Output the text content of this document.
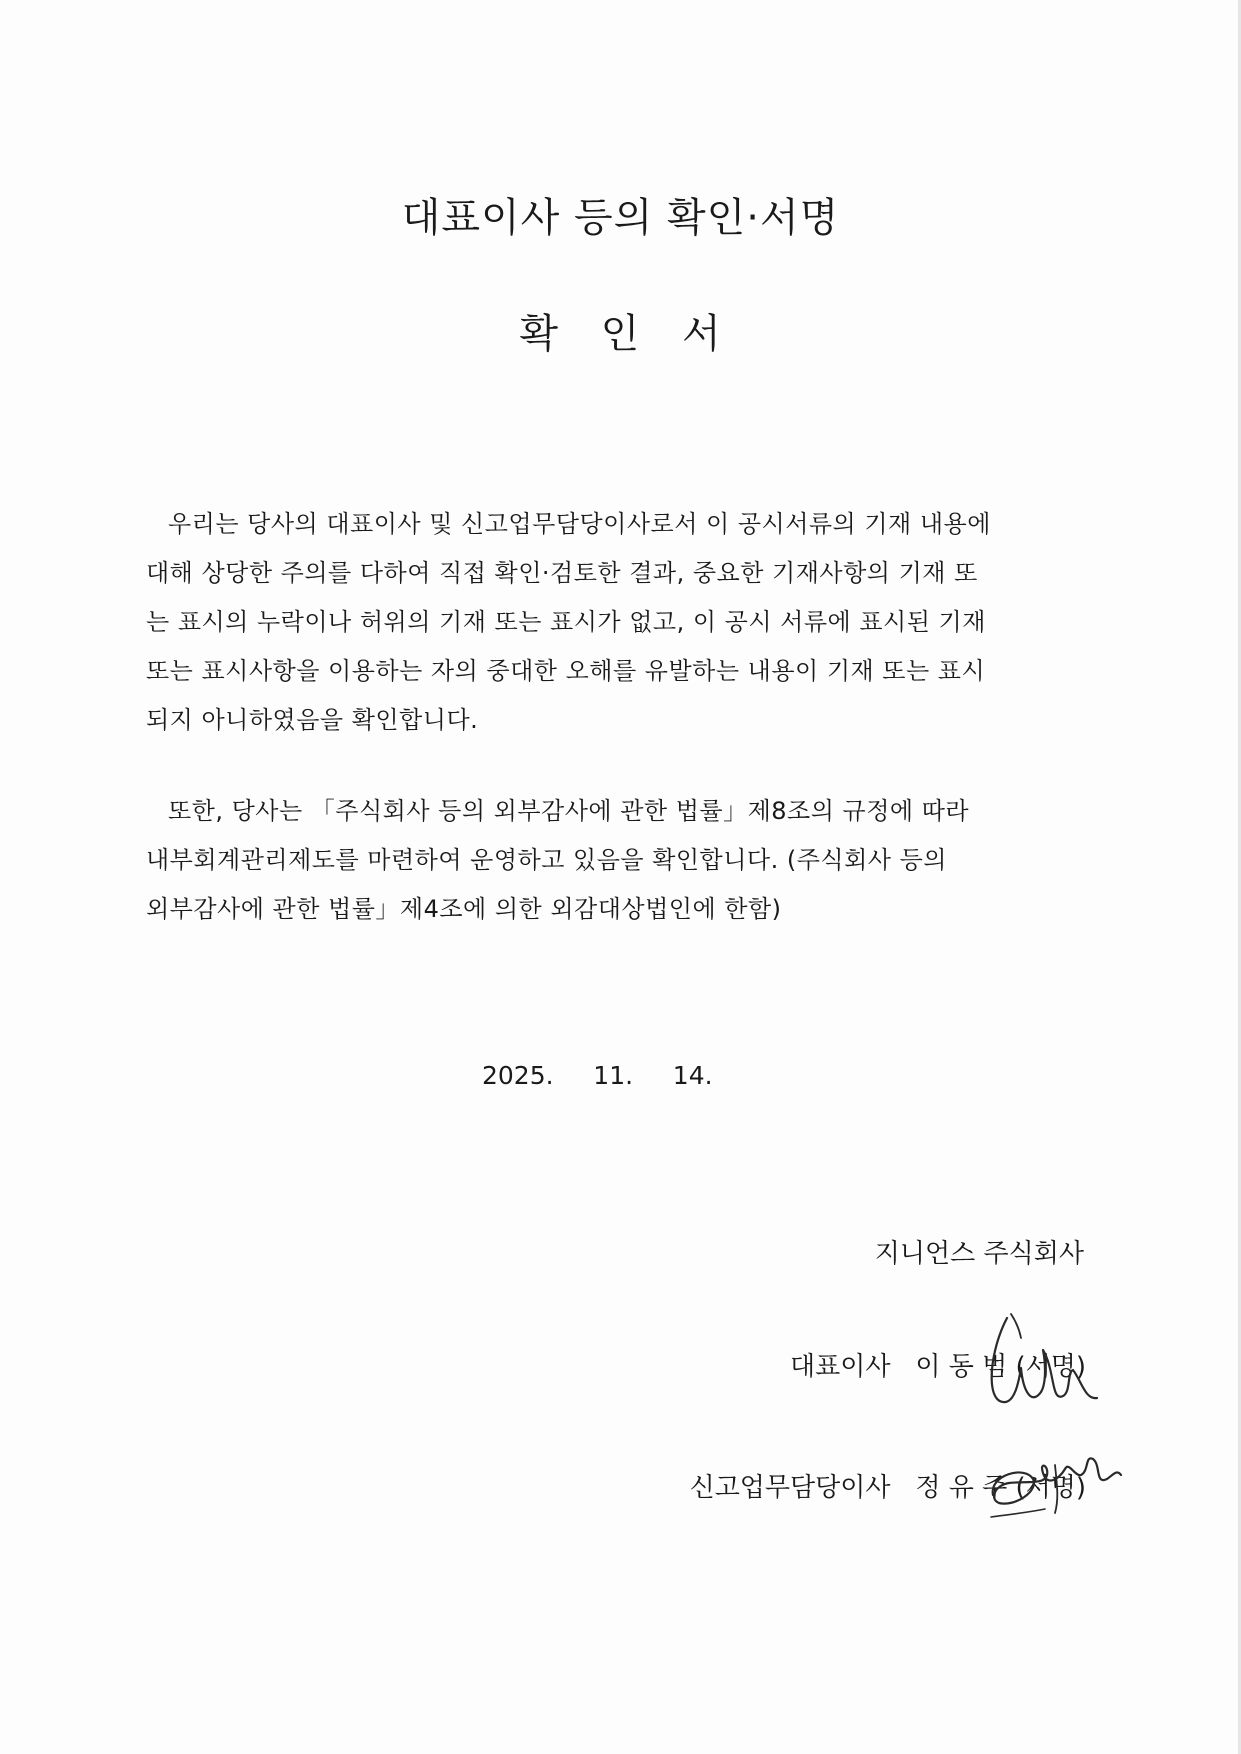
대표이사 등의 확인·서명
확 인 서
우리는 당사의 대표이사 및 신고업무담당이사로서 이 공시서류의 기재 내용에
대해 상당한 주의를 다하여 직접 확인·검토한 결과, 중요한 기재사항의 기재 또
는 표시의 누락이나 허위의 기재 또는 표시가 없고, 이 공시 서류에 표시된 기재
또는 표시사항을 이용하는 자의 중대한 오해를 유발하는 내용이 기재 또는 표시
되지 아니하였음을 확인합니다.
또한, 당사는 「주식회사 등의 외부감사에 관한 법률」제8조의 규정에 따라
내부회계관리제도를 마련하여 운영하고 있음을 확인합니다. (주식회사 등의
외부감사에 관한 법률」제4조에 의한 외감대상법인에 한함)
2025.     11.     14.
지니언스 주식회사
대표이사 이 동 범 (서명)
신고업무담당이사 정 유 주 (서명)
